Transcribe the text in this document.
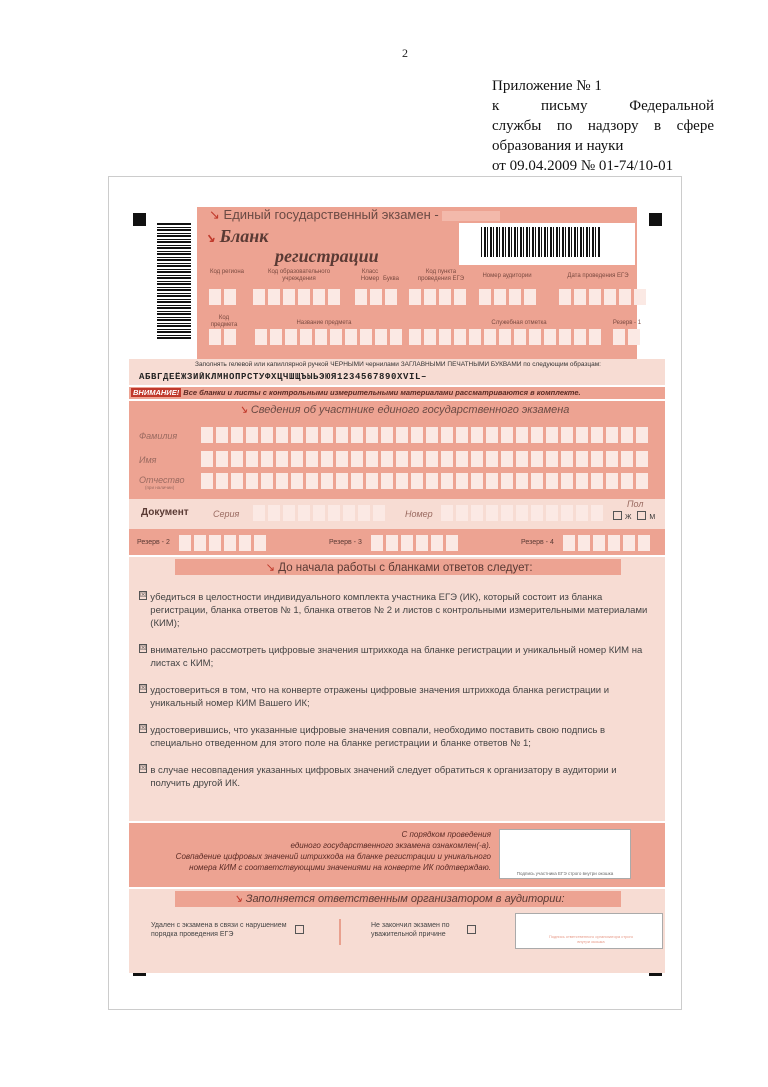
2
Приложение № 1
к письму Федеральной
службы по надзору в сфере
образования и науки
от 09.04.2009 № 01-74/10-01
↘ Единый государственный экзамен -
↘ Бланк
регистрации
Код региона	Код образовательного учреждения
Класс Номер Буква
Код пункта проведения ЕГЭ	Номер аудитории	Дата проведения ЕГЭ
Код предмета	Название предмета	Служебная отметка	Резерв - 1
Заполнять гелевой или капиллярной ручкой ЧЕРНЫМИ чернилами ЗАГЛАВНЫМИ ПЕЧАТНЫМИ БУКВАМИ по следующим образцам:
АБВГДЕЁЖЗИЙКЛМНОПРСТУФХЦЧШЩЪЫЬЭЮЯ1234567890XVIL–
ВНИМАНИЕ! Все бланки и листы с контрольными измерительными материалами рассматриваются в комплекте.
↘ Сведения об участнике единого государственного экзамена
Фамилия
Имя
Отчество
(при наличии)
Документ	Серия	Номер
Пол
Ж	М
Резерв - 2	Резерв - 3	Резерв - 4
↘ До начала работы с бланками ответов следует:
☒ убедиться в целостности индивидуального комплекта участника ЕГЭ (ИК), который состоит из бланка регистрации, бланка ответов № 1, бланка ответов № 2 и листов с контрольными измерительными материалами (КИМ);
☒ внимательно рассмотреть цифровые значения штрихкода на бланке регистрации и уникальный номер КИМ на листах с КИМ;
☒ удостовериться в том, что на конверте отражены цифровые значения штрихкода бланка регистрации и уникальный номер КИМ Вашего ИК;
☒ удостоверившись, что указанные цифровые значения совпали, необходимо поставить свою подпись в специально отведенном для этого поле на бланке регистрации и бланке ответов № 1;
☒ в случае несовпадения указанных цифровых значений следует обратиться к организатору в аудитории и получить другой ИК.
С порядком проведения
единого государственного экзамена ознакомлен(-а).
Совпадение цифровых значений штрихкода на бланке регистрации и уникального
номера КИМ с соответствующими значениями на конверте ИК подтверждаю.
Подпись участника ЕГЭ строго внутри окошка
↘ Заполняется ответственным организатором в аудитории:
Удален с экзамена в связи с нарушением порядка проведения ЕГЭ
Не закончил экзамен по уважительной причине	Подпись ответственного организатора строго внутри окошка
